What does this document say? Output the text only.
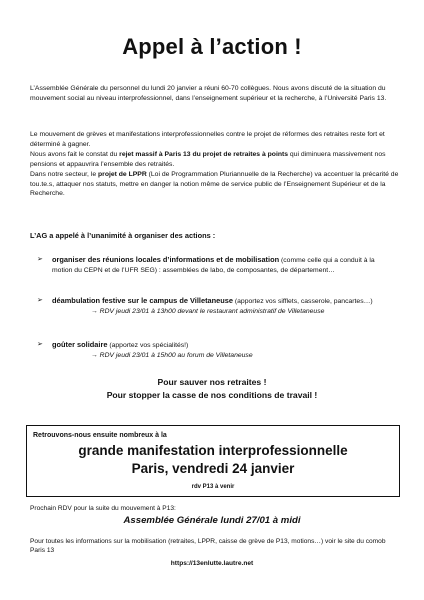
Appel à l’action !
L’Assemblée Générale du personnel du lundi 20 janvier a réuni 60-70 collègues. Nous avons discuté de la situation du mouvement social au niveau interprofessionnel, dans l’enseignement supérieur et la recherche, à l’Université Paris 13.
Le mouvement de grèves et manifestations interprofessionnelles contre le projet de réformes des retraites reste fort et déterminé à gagner.
Nous avons fait le constat du rejet massif à Paris 13 du projet de retraites à points qui diminuera massivement nos pensions et appauvrira l’ensemble des retraités.
Dans notre secteur, le projet de LPPR (Loi de Programmation Pluriannuelle de la Recherche) va accentuer la précarité de tou.te.s, attaquer nos statuts, mettre en danger la notion même de service public de l’Enseignement Supérieur et de la Recherche.
L’AG a appelé à l’unanimité à organiser des actions :
➢ organiser des réunions locales d’informations et de mobilisation (comme celle qui a conduit à la motion du CEPN et de l’UFR SEG) : assemblées de labo, de composantes, de département…
➢ déambulation festive sur le campus de Villetaneuse (apportez vos sifflets, casserole, pancartes…)
→ RDV jeudi 23/01 à 13h00 devant le restaurant administratif de Villetaneuse
➢ goûter solidaire (apportez vos spécialités!)
→ RDV jeudi 23/01 à 15h00 au forum de Villetaneuse
Pour sauver nos retraites !
Pour stopper la casse de nos conditions de travail !
Retrouvons-nous ensuite nombreux à la
grande manifestation interprofessionnelle
Paris, vendredi 24 janvier
rdv P13 à venir
Prochain RDV pour la suite du mouvement à P13:
Assemblée Générale lundi 27/01 à midi
Pour toutes les informations sur la mobilisation (retraites, LPPR, caisse de grève de P13, motions…) voir le site du comob Paris 13
https://13enlutte.lautre.net
